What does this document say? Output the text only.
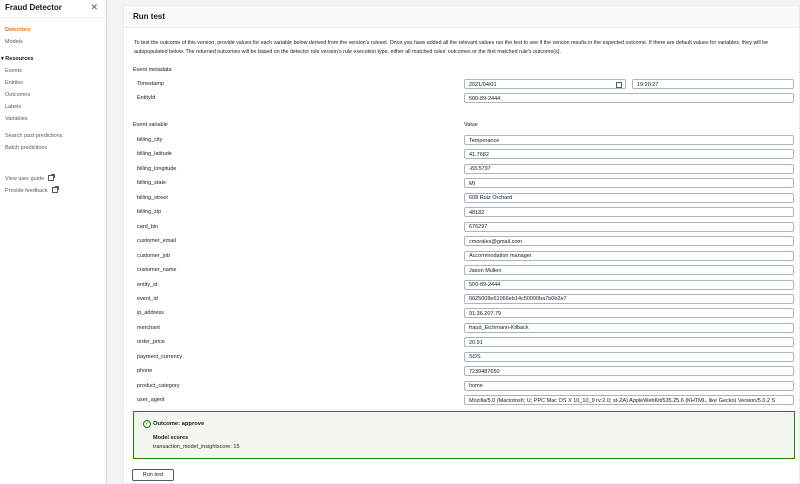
Fraud Detector	✕
Detectors
Models
▾ Resources
Events
Entities
Outcomes
Labels
Variables
Search past predictions
Batch predictions
View user guide
Provide feedback
Run test
To test the outcome of this version, provide values for each variable below derived from the version's ruleset. Once you have added all the relevant values run the test to see if the version results in the expected outcome. If there are default values for variables, they will be autopopulated below. The returned outcomes will be based on the detector rule version's rule execution type, either all matched rules' outcomes or the first matched rule's outcome(s).
Event metadata
Timestamp	2021/04/01	19:20:27
EntityId	500-89-2444
Event variable	Value
billing_city	Temperance
billing_latitude	41.7682
billing_longitude	-83.5797
billing_state	MI
billing_street	608 Ruiz Orchard
billing_zip	48182
card_bin	676297
customer_email	cmorales@gmail.com
customer_job	Accommodation manager
customer_name	Jason Mullen
entity_id	500-89-2444
event_id	0025008e61066eb14c50090ba7b0b2e7
ip_address	91.36.207.79
merchant	fraud_Eichmann-Kilback
order_price	20.91
payment_currency	SOS
phone	7239487650
product_category	home
user_agent	Mozilla/5.0 (Macintosh; U; PPC Mac OS X 10_10_9 rv:2.0; st-ZA) AppleWebKit/535.25.6 (KHTML, like Gecko) Version/5.0.2 S
✓ Outcome: approve
Model scores
transaction_model_insightscore: 15
Run test
